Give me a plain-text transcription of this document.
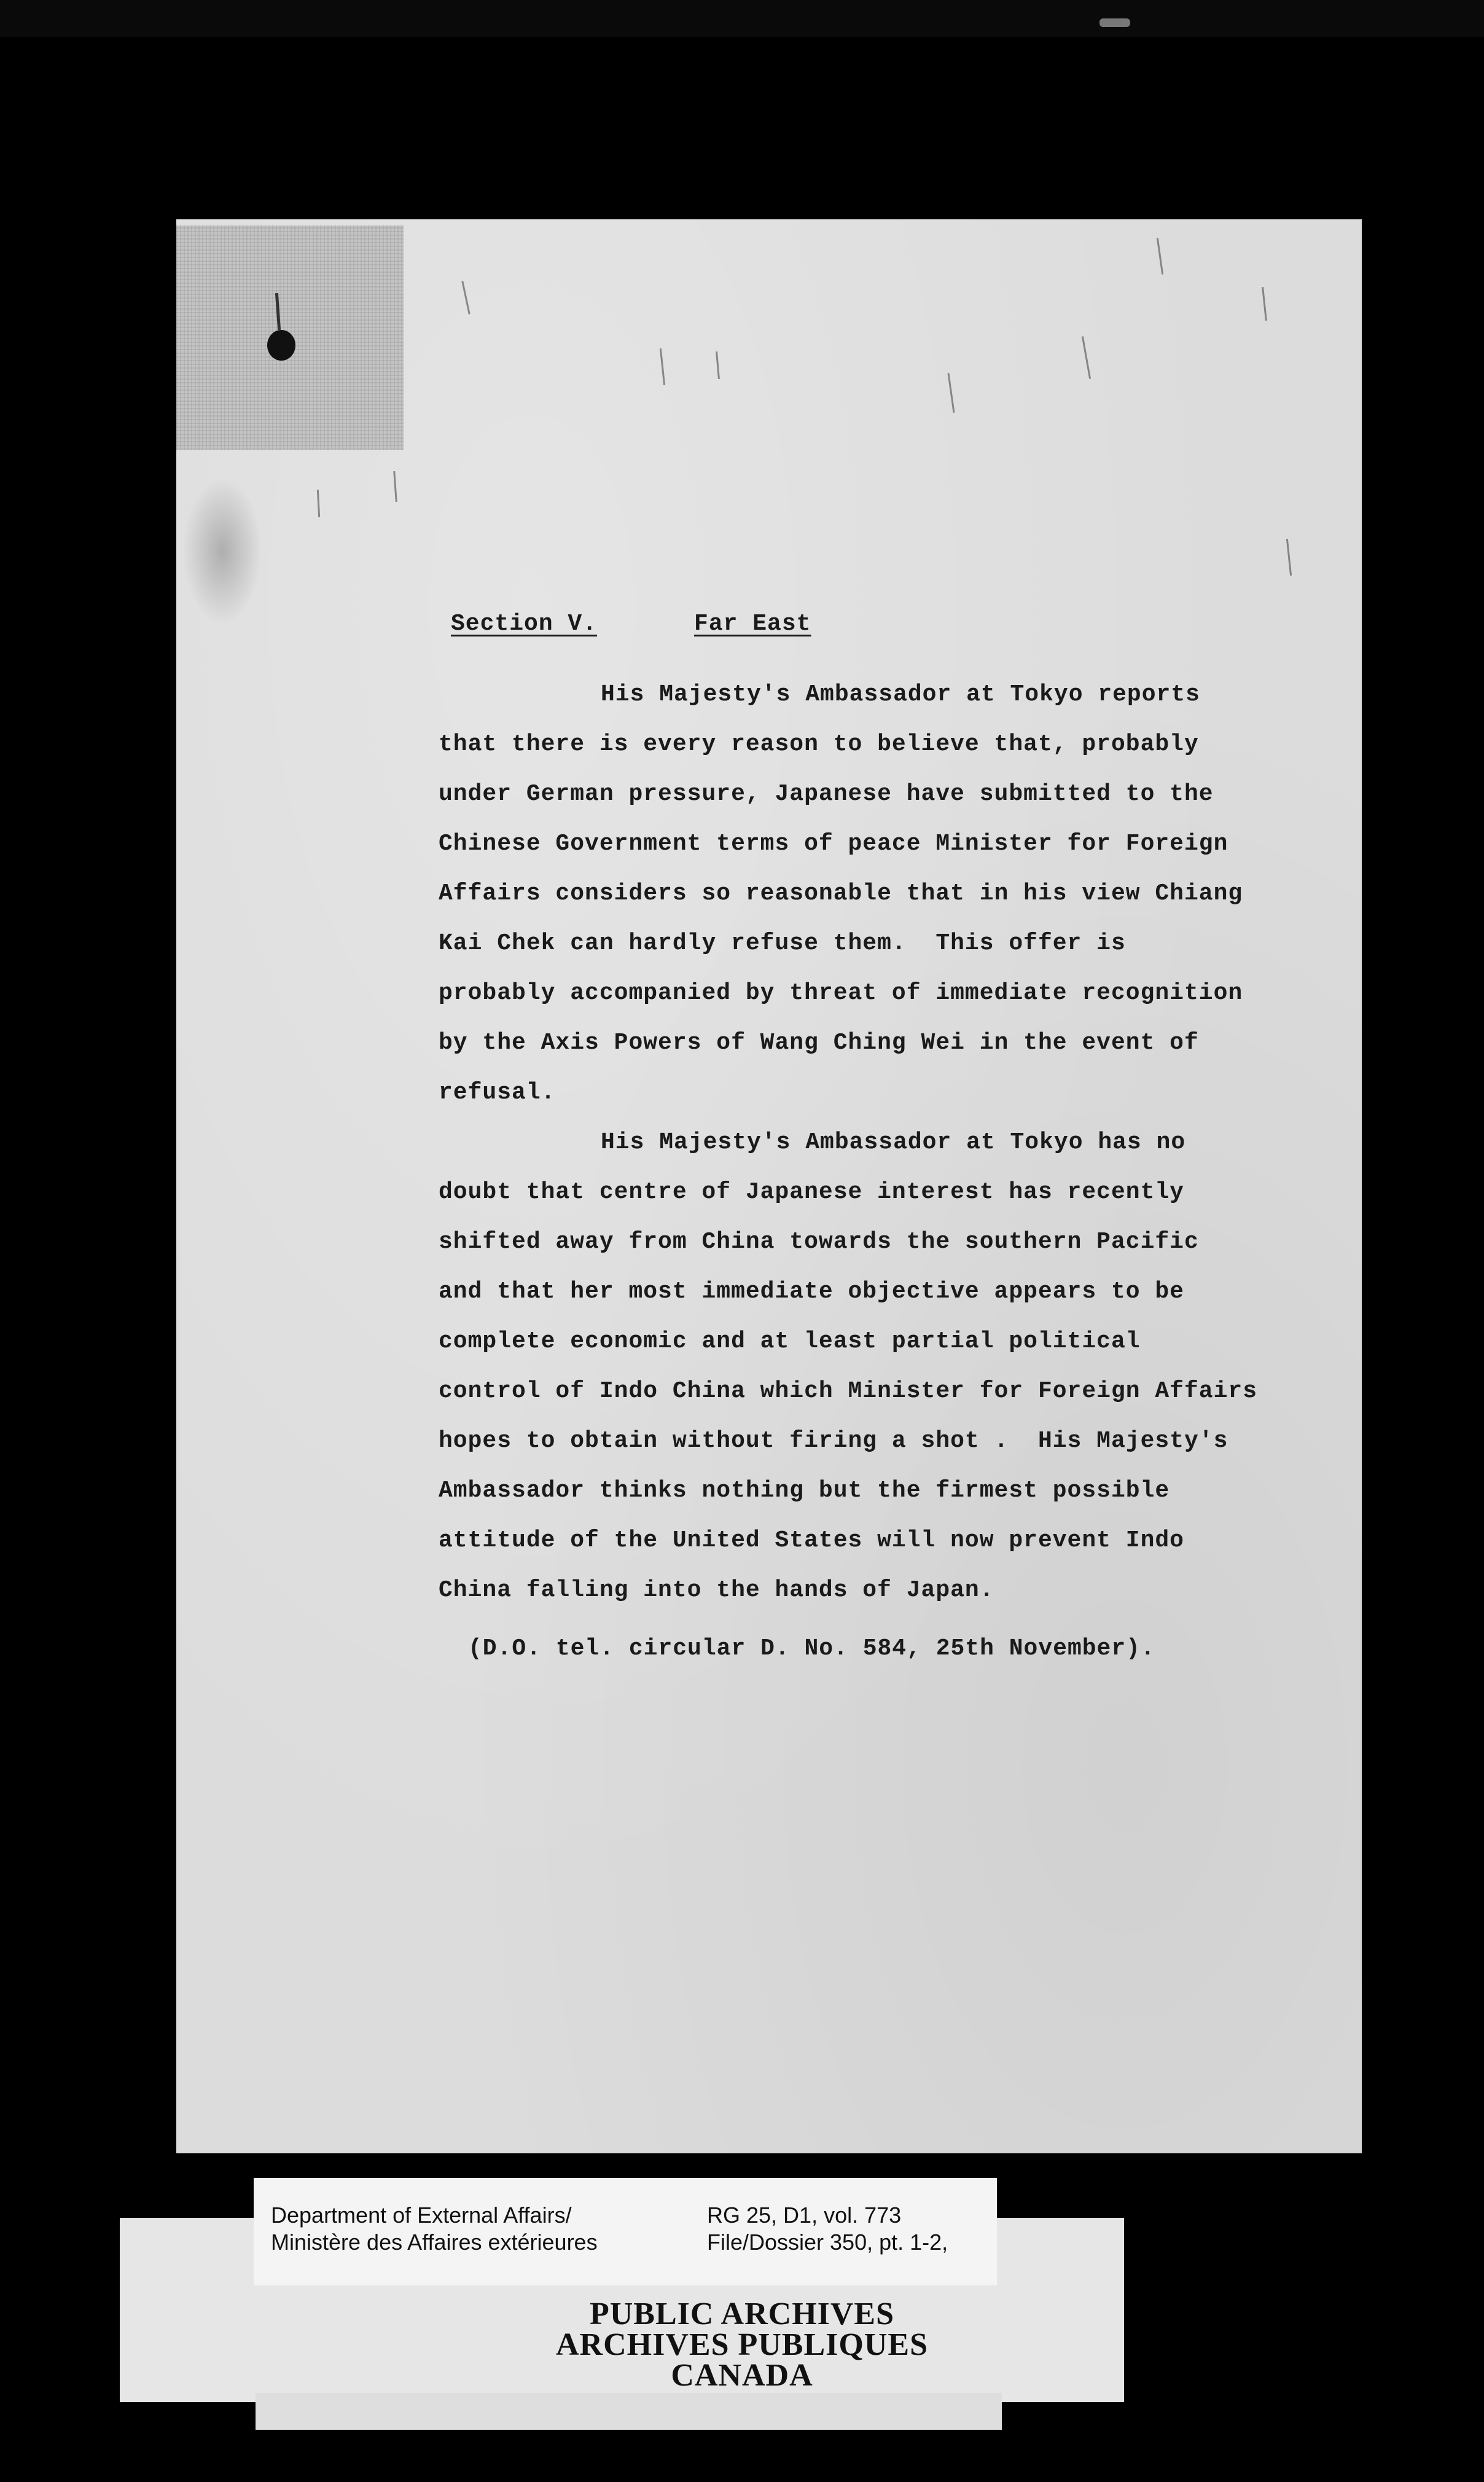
Section V.	Far East
His Majesty's Ambassador at Tokyo reports
that there is every reason to believe that, probably
under German pressure, Japanese have submitted to the
Chinese Government terms of peace Minister for Foreign
Affairs considers so reasonable that in his view Chiang
Kai Chek can hardly refuse them.  This offer is
probably accompanied by threat of immediate recognition
by the Axis Powers of Wang Ching Wei in the event of
refusal.
His Majesty's Ambassador at Tokyo has no
doubt that centre of Japanese interest has recently
shifted away from China towards the southern Pacific
and that her most immediate objective appears to be
complete economic and at least partial political
control of Indo China which Minister for Foreign Affairs
hopes to obtain without firing a shot .  His Majesty's
Ambassador thinks nothing but the firmest possible
attitude of the United States will now prevent Indo
China falling into the hands of Japan.
(D.O. tel. circular D. No. 584, 25th November).
Department of External Affairs/
Ministère des Affaires extérieures
RG 25, D1, vol. 773
File/Dossier 350, pt. 1-2,
PUBLIC ARCHIVES
ARCHIVES PUBLIQUES
CANADA
